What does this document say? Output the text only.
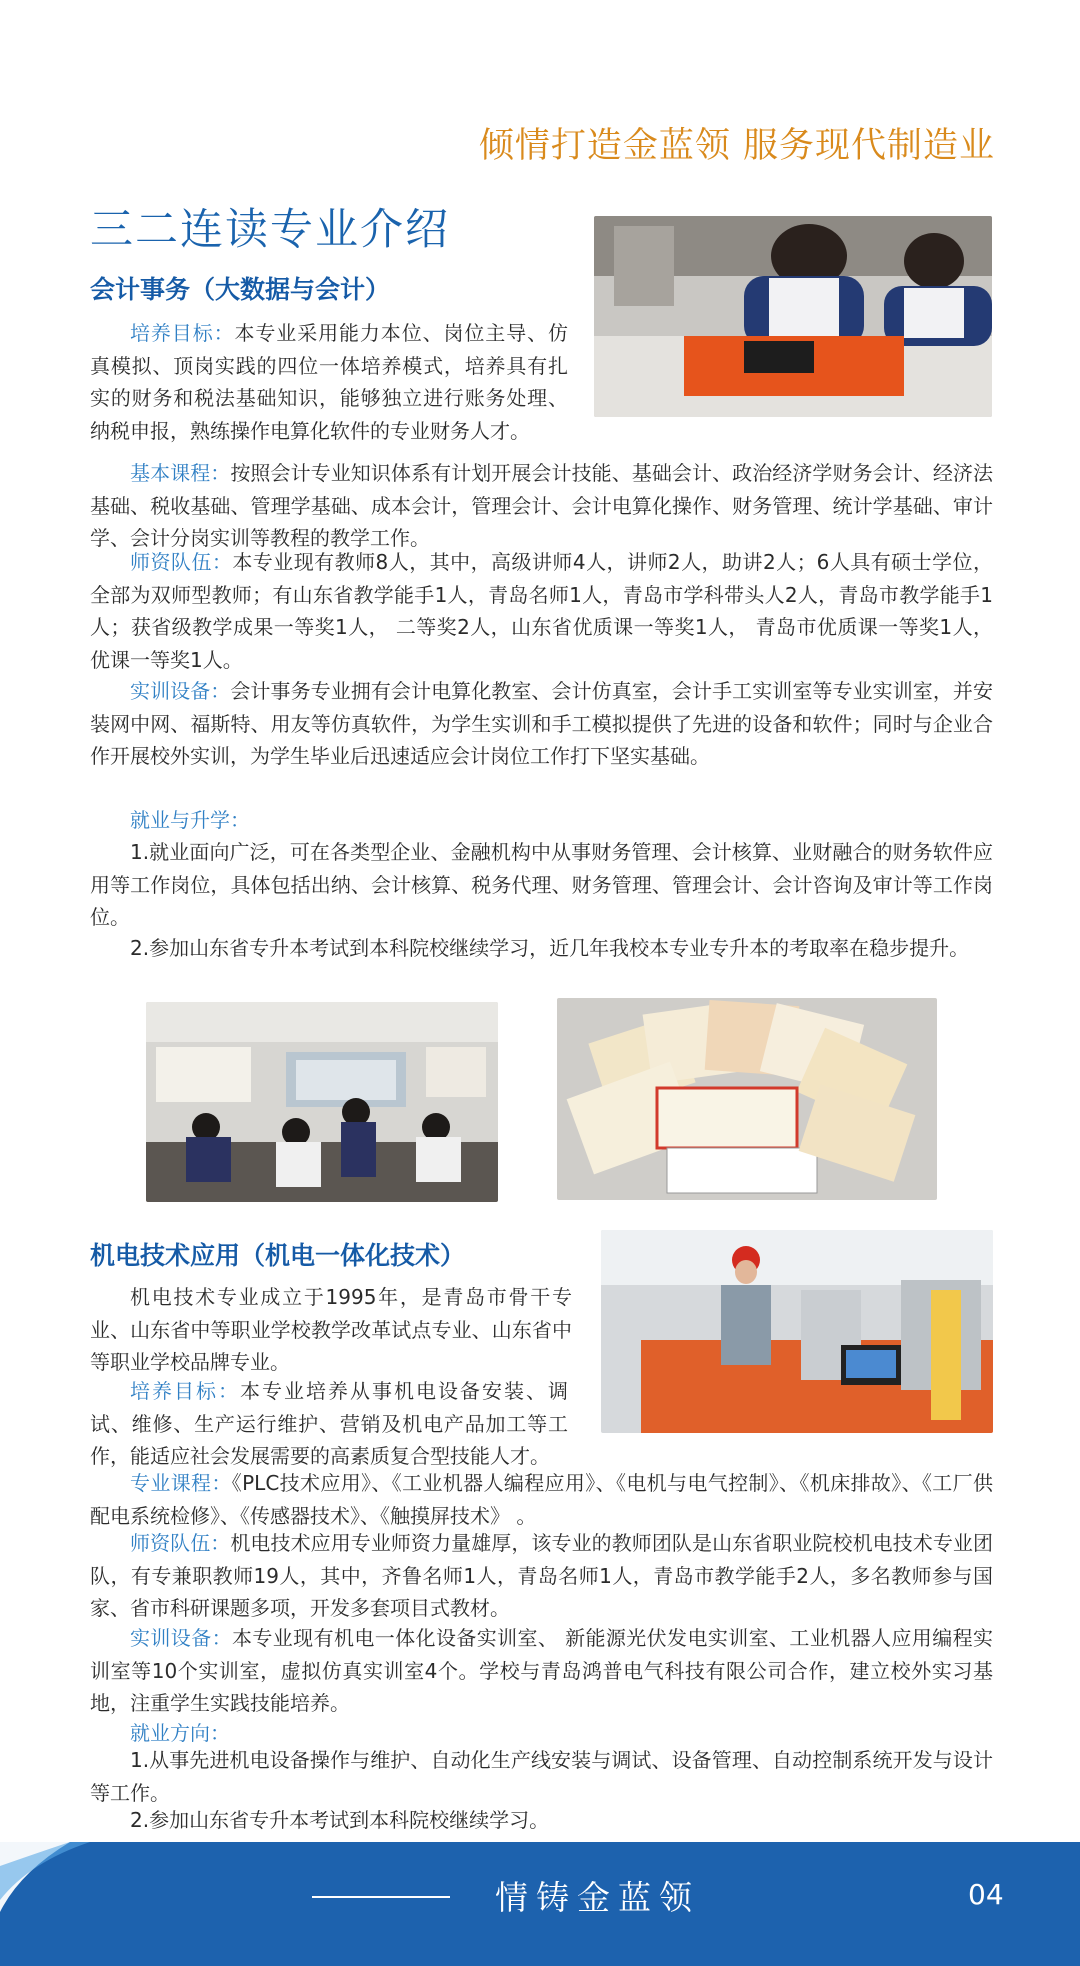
倾情打造金蓝领 服务现代制造业
三二连读专业介绍
会计事务（大数据与会计）
培养目标：本专业采用能力本位、岗位主导、仿真模拟、顶岗实践的四位一体培养模式，培养具有扎实的财务和税法基础知识，能够独立进行账务处理、纳税申报，熟练操作电算化软件的专业财务人才。
基本课程：按照会计专业知识体系有计划开展会计技能、基础会计、政治经济学财务会计、经济法基础、税收基础、管理学基础、成本会计，管理会计、会计电算化操作、财务管理、统计学基础、审计学、会计分岗实训等教程的教学工作。
师资队伍：本专业现有教师8人，其中，高级讲师4人，讲师2人，助讲2人；6人具有硕士学位，全部为双师型教师；有山东省教学能手1人，青岛名师1人，青岛市学科带头人2人，青岛市教学能手1人；获省级教学成果一等奖1人， 二等奖2人，山东省优质课一等奖1人， 青岛市优质课一等奖1人， 优课一等奖1人。
实训设备：会计事务专业拥有会计电算化教室、会计仿真室，会计手工实训室等专业实训室，并安装网中网、福斯特、用友等仿真软件，为学生实训和手工模拟提供了先进的设备和软件；同时与企业合作开展校外实训，为学生毕业后迅速适应会计岗位工作打下坚实基础。
就业与升学：
1.就业面向广泛，可在各类型企业、金融机构中从事财务管理、会计核算、业财融合的财务软件应用等工作岗位，具体包括出纳、会计核算、税务代理、财务管理、管理会计、会计咨询及审计等工作岗位。
2.参加山东省专升本考试到本科院校继续学习，近几年我校本专业专升本的考取率在稳步提升。
机电技术应用（机电一体化技术）
机电技术专业成立于1995年，是青岛市骨干专业、山东省中等职业学校教学改革试点专业、山东省中等职业学校品牌专业。
培养目标：本专业培养从事机电设备安装、调试、维修、生产运行维护、营销及机电产品加工等工作，能适应社会发展需要的高素质复合型技能人才。
专业课程：《PLC技术应用》、《工业机器人编程应用》、《电机与电气控制》、《机床排故》、《工厂供配电系统检修》、《传感器技术》、《触摸屏技术》 。
师资队伍：机电技术应用专业师资力量雄厚，该专业的教师团队是山东省职业院校机电技术专业团队，有专兼职教师19人，其中，齐鲁名师1人，青岛名师1人，青岛市教学能手2人，多名教师参与国家、省市科研课题多项，开发多套项目式教材。
实训设备：本专业现有机电一体化设备实训室、 新能源光伏发电实训室、工业机器人应用编程实训室等10个实训室，虚拟仿真实训室4个。学校与青岛鸿普电气科技有限公司合作，建立校外实习基地，注重学生实践技能培养。
就业方向：
1.从事先进机电设备操作与维护、自动化生产线安装与调试、设备管理、自动控制系统开发与设计等工作。
2.参加山东省专升本考试到本科院校继续学习。
情铸金蓝领	04
